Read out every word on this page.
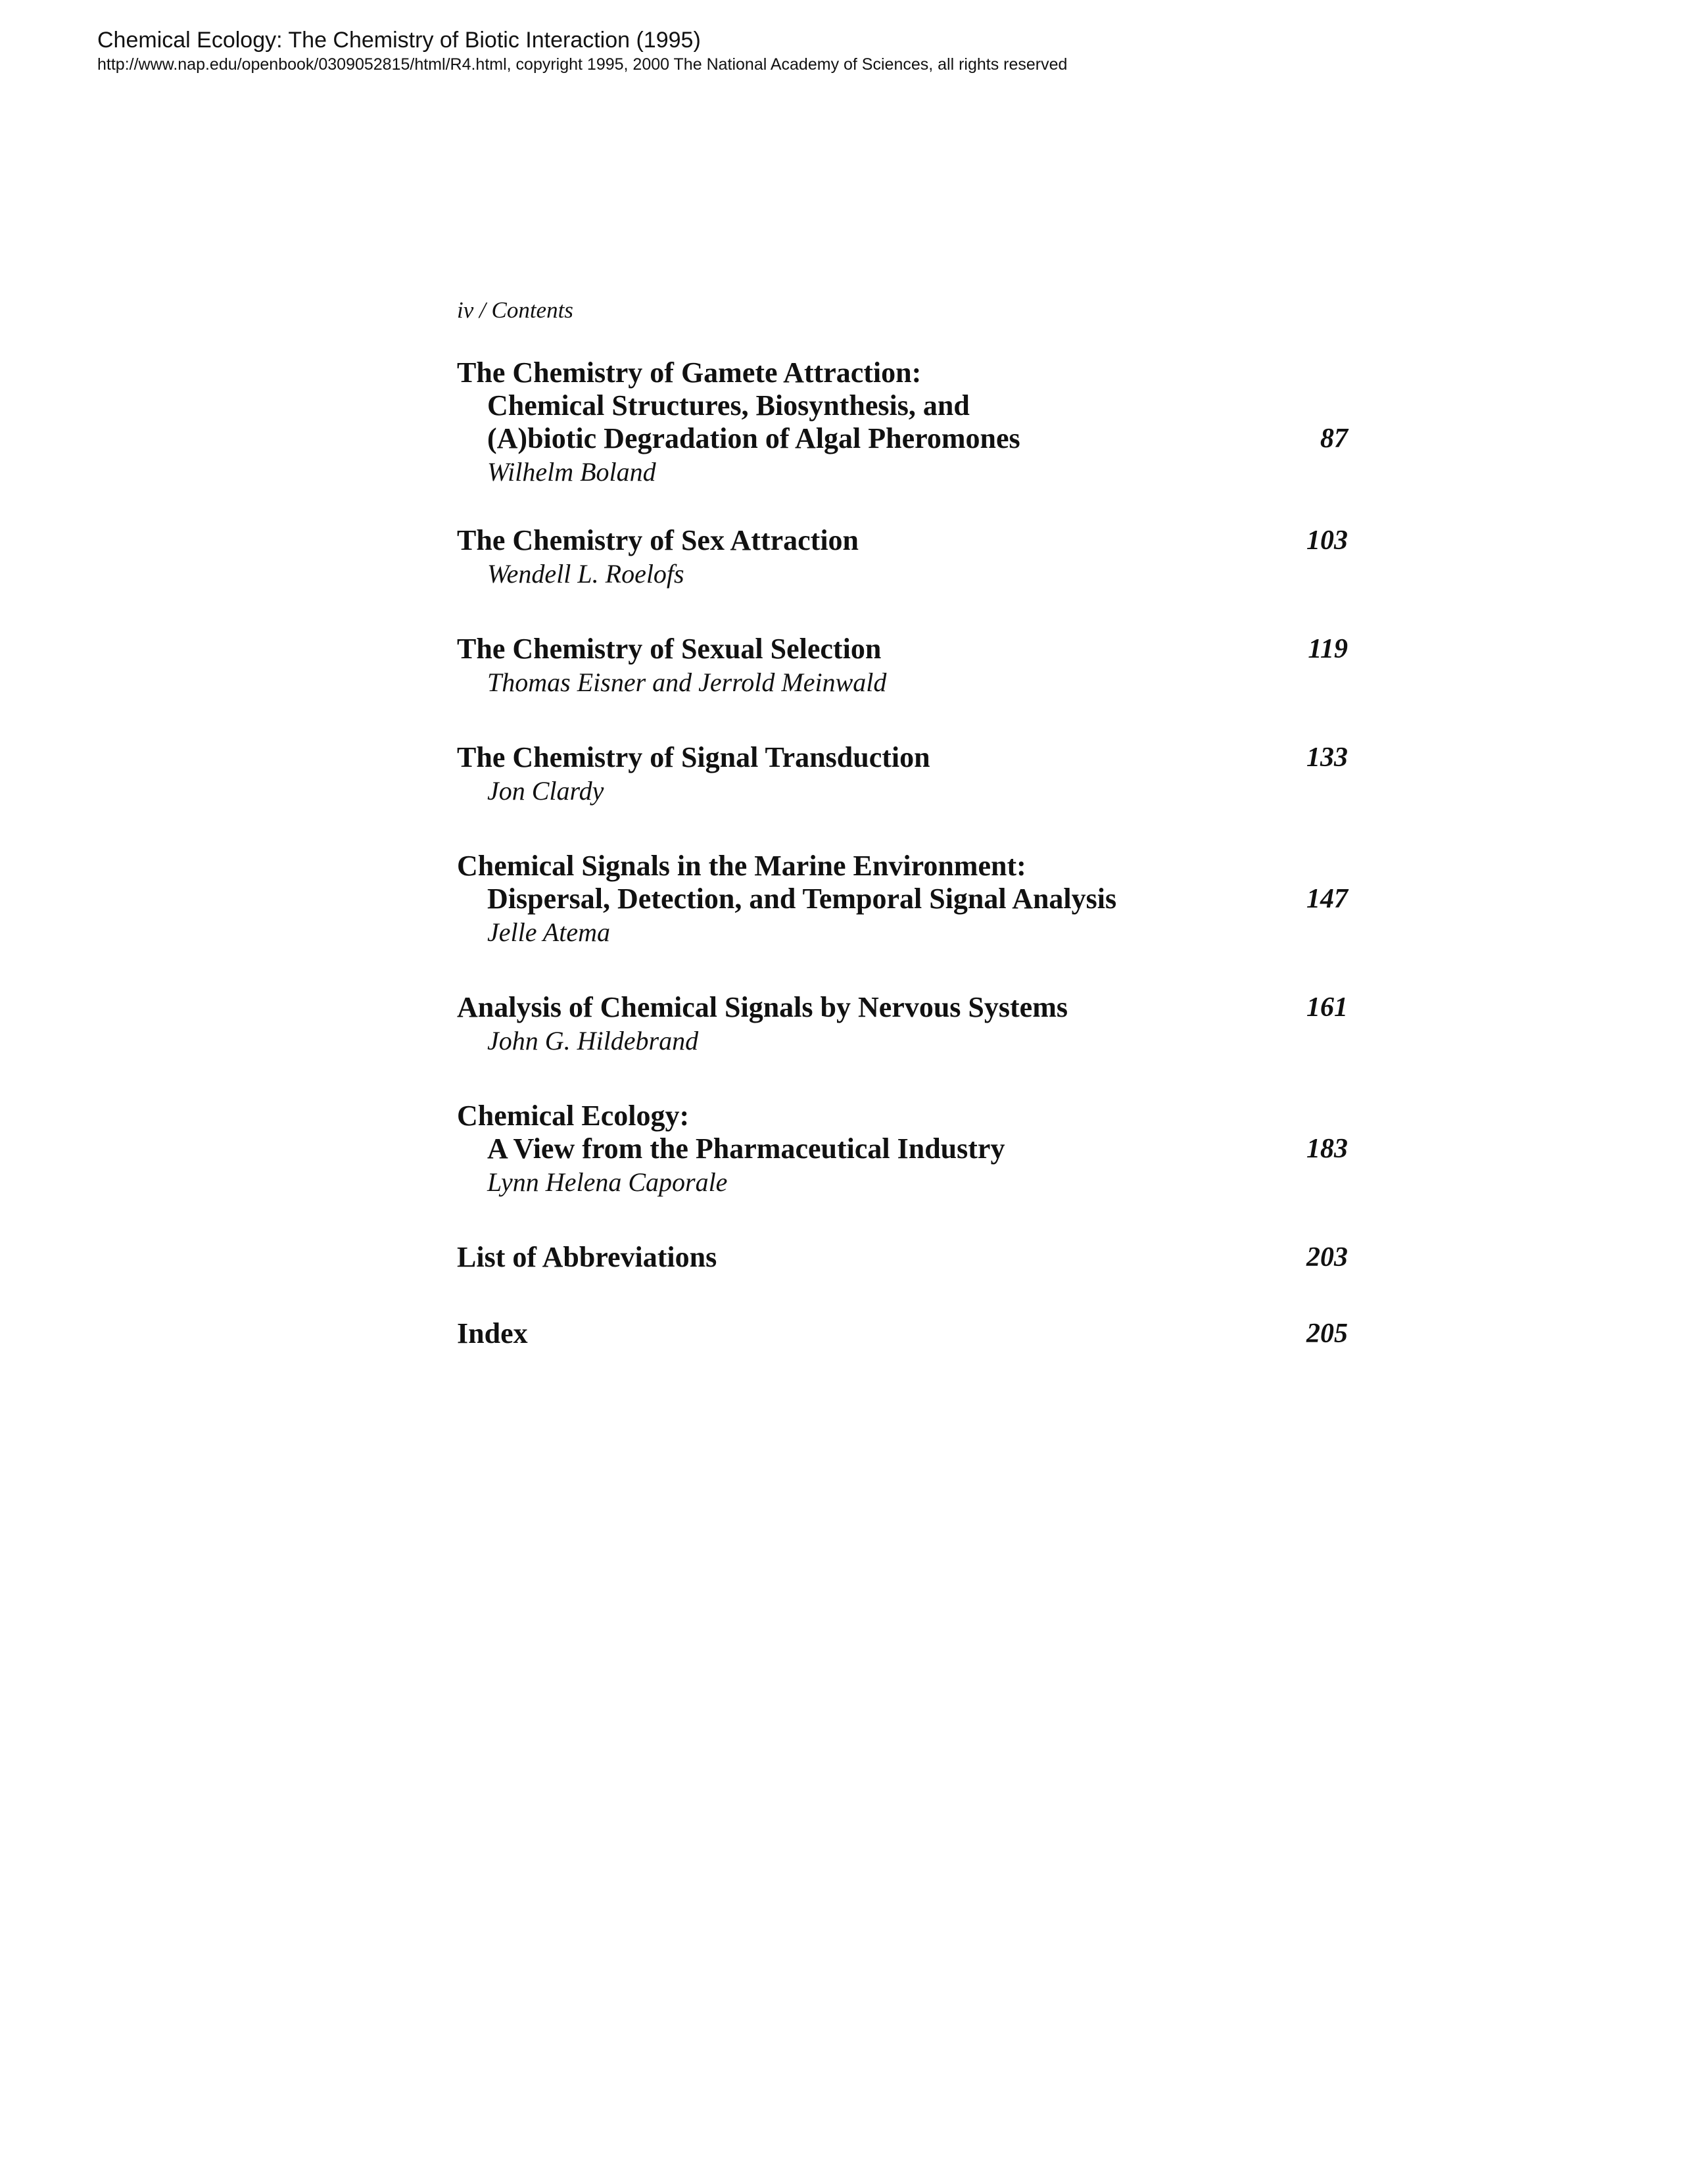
Chemical Ecology: The Chemistry of Biotic Interaction (1995)
http://www.nap.edu/openbook/0309052815/html/R4.html, copyright 1995, 2000 The National Academy of Sciences, all rights reserved
iv / Contents
The Chemistry of Gamete Attraction:
Chemical Structures, Biosynthesis, and
(A)biotic Degradation of Algal Pheromones	87
Wilhelm Boland
The Chemistry of Sex Attraction	103
Wendell L. Roelofs
The Chemistry of Sexual Selection	119
Thomas Eisner and Jerrold Meinwald
The Chemistry of Signal Transduction	133
Jon Clardy
Chemical Signals in the Marine Environment:
Dispersal, Detection, and Temporal Signal Analysis	147
Jelle Atema
Analysis of Chemical Signals by Nervous Systems	161
John G. Hildebrand
Chemical Ecology:
A View from the Pharmaceutical Industry	183
Lynn Helena Caporale
List of Abbreviations	203
Index	205
